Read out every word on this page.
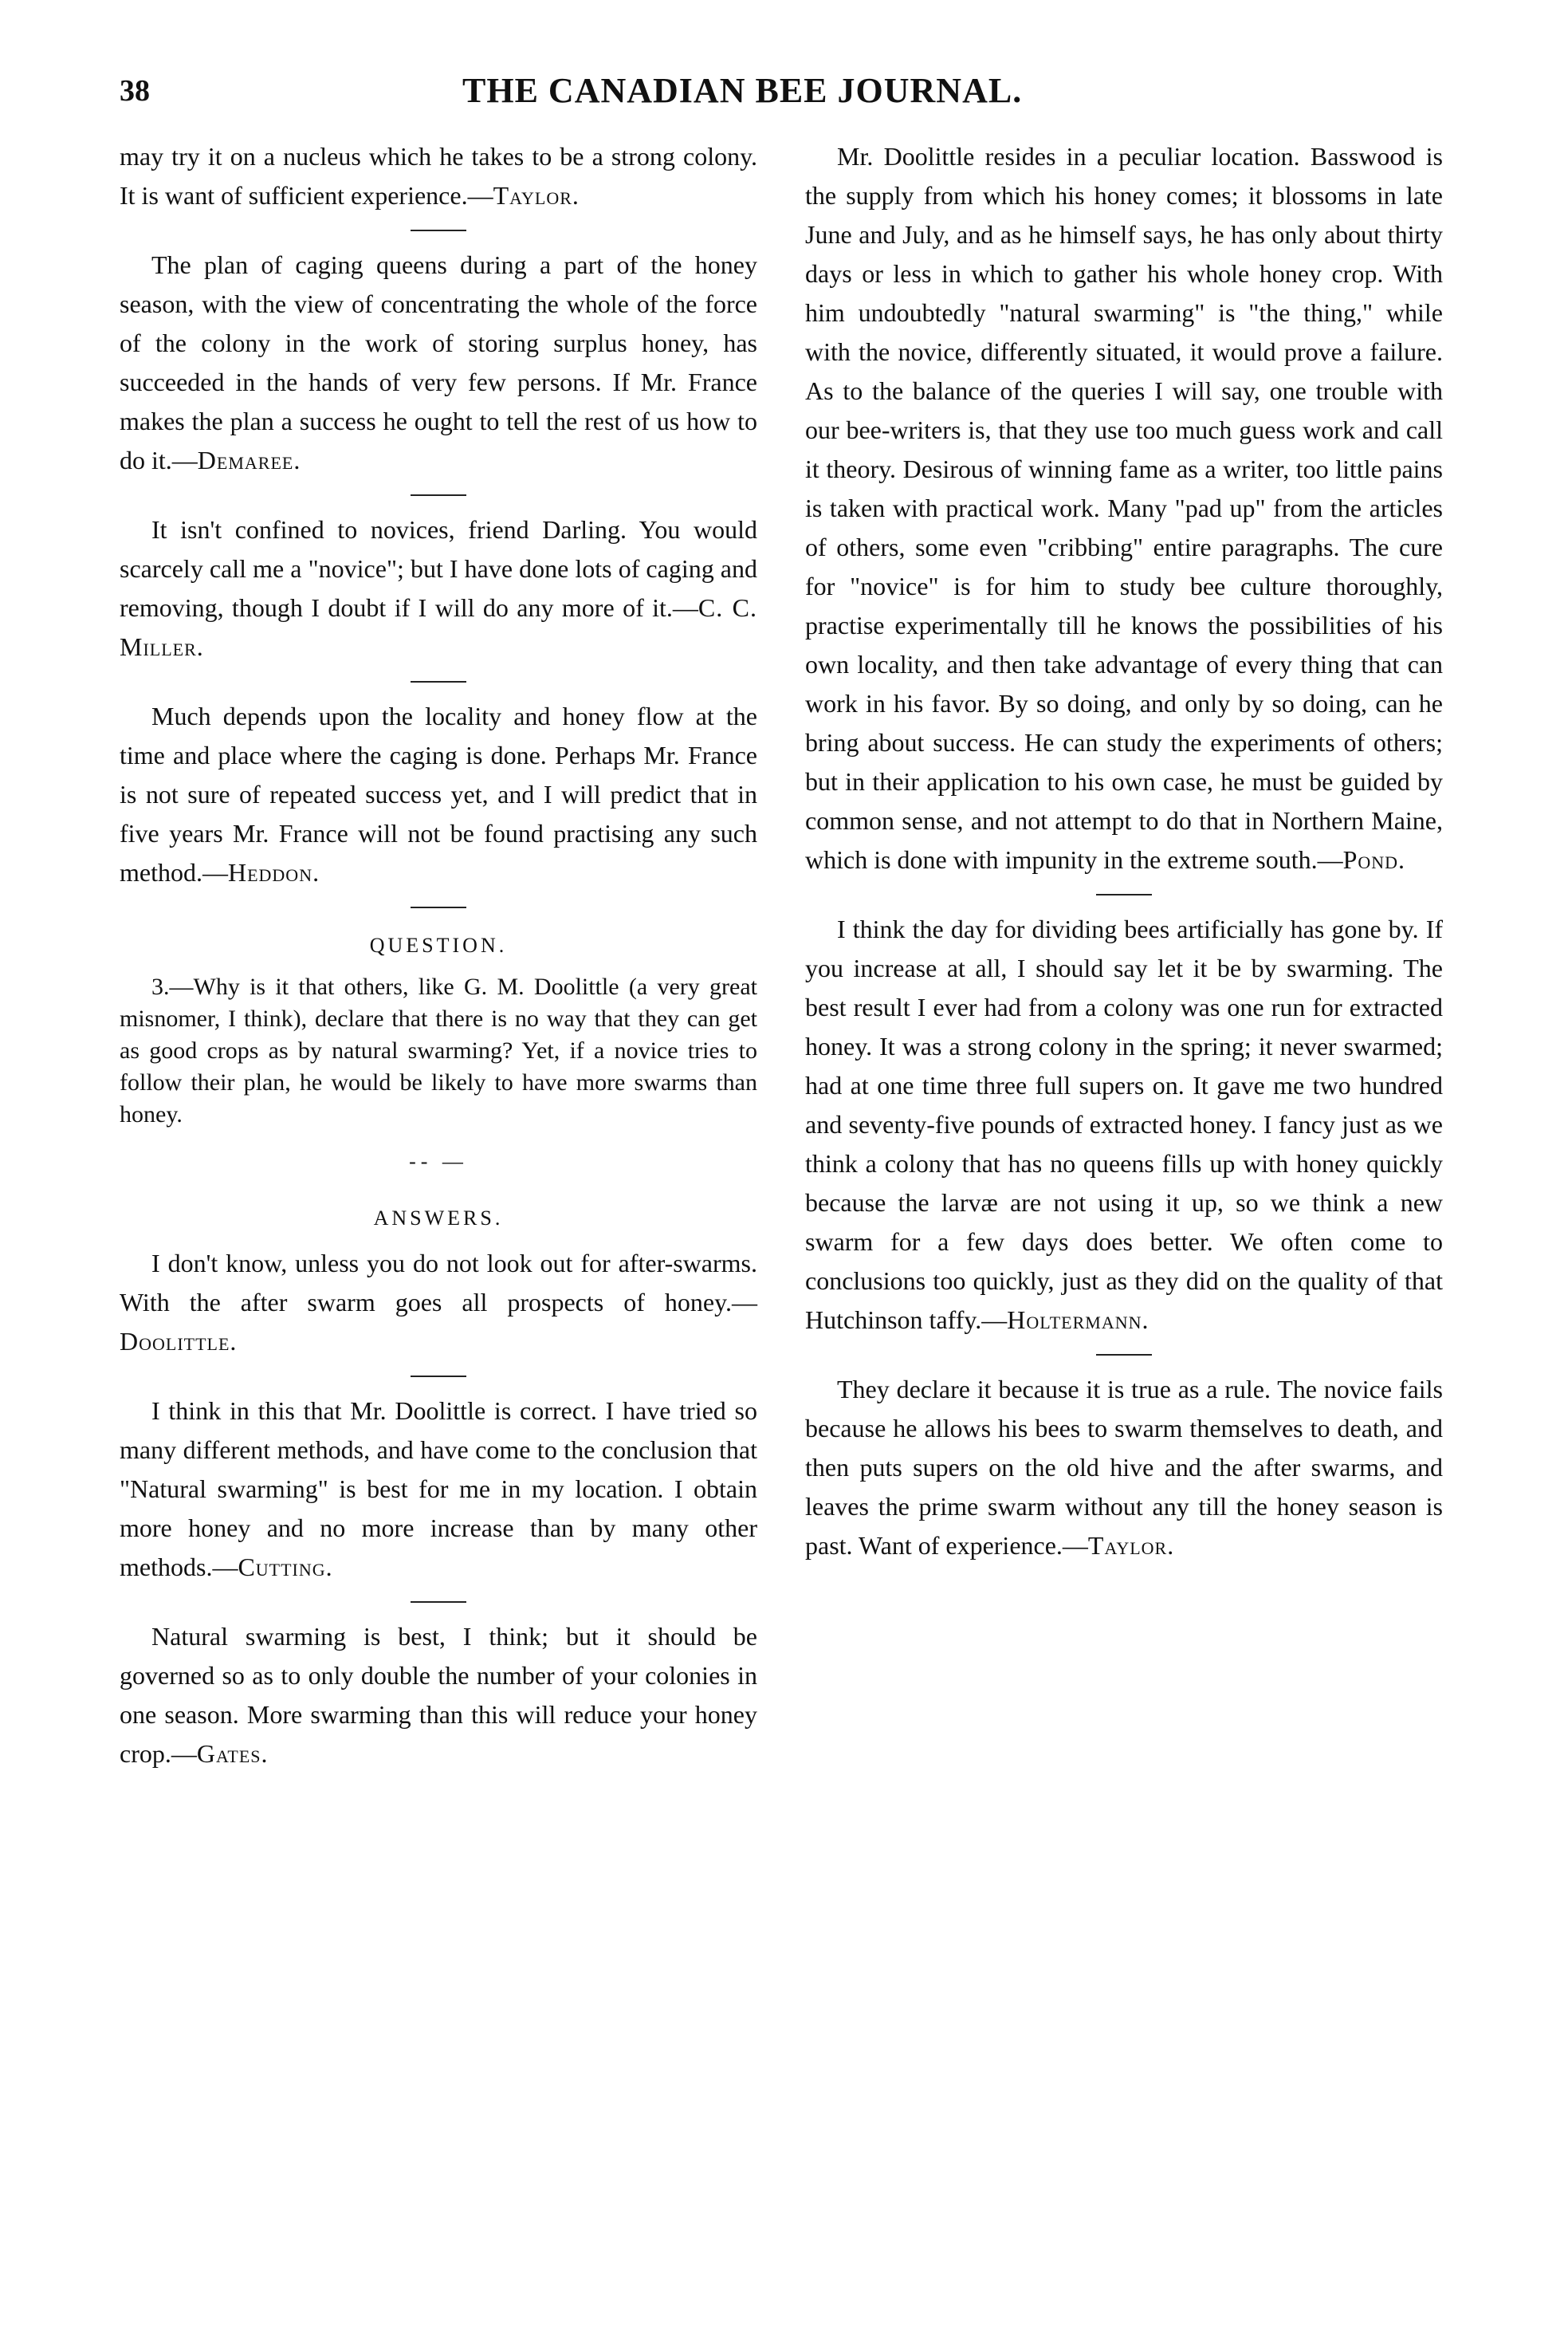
38	THE CANADIAN BEE JOURNAL.

may try it on a nucleus which he takes to be a strong colony. It is want of sufficient experience.—Taylor.

The plan of caging queens during a part of the honey season, with the view of concentrating the whole of the force of the colony in the work of storing surplus honey, has succeeded in the hands of very few persons. If Mr. France makes the plan a success he ought to tell the rest of us how to do it.—Demaree.

It isn't confined to novices, friend Darling. You would scarcely call me a "novice"; but I have done lots of caging and removing, though I doubt if I will do any more of it.—C. C. Miller.

Much depends upon the locality and honey flow at the time and place where the caging is done. Perhaps Mr. France is not sure of repeated success yet, and I will predict that in five years Mr. France will not be found practising any such method.—Heddon.

QUESTION.

3.—Why is it that others, like G. M. Doolittle (a very great misnomer, I think), declare that there is no way that they can get as good crops as by natural swarming? Yet, if a novice tries to follow their plan, he would be likely to have more swarms than honey.

-- —
ANSWERS.

I don't know, unless you do not look out for after-swarms. With the after swarm goes all prospects of honey.—Doolittle.

I think in this that Mr. Doolittle is correct. I have tried so many different methods, and have come to the conclusion that "Natural swarming" is best for me in my location. I obtain more honey and no more increase than by many other methods.—Cutting.

Natural swarming is best, I think; but it should be governed so as to only double the number of your colonies in one season. More swarming than this will reduce your honey crop.—Gates.

Mr. Doolittle resides in a peculiar location. Basswood is the supply from which his honey comes; it blossoms in late June and July, and as he himself says, he has only about thirty days or less in which to gather his whole honey crop. With him undoubtedly "natural swarming" is "the thing," while with the novice, differently situated, it would prove a failure. As to the balance of the queries I will say, one trouble with our bee-writers is, that they use too much guess work and call it theory. Desirous of winning fame as a writer, too little pains is taken with practical work. Many "pad up" from the articles of others, some even "cribbing" entire paragraphs. The cure for "novice" is for him to study bee culture thoroughly, practise experimentally till he knows the possibilities of his own locality, and then take advantage of every thing that can work in his favor. By so doing, and only by so doing, can he bring about success. He can study the experiments of others; but in their application to his own case, he must be guided by common sense, and not attempt to do that in Northern Maine, which is done with impunity in the extreme south.—Pond.

I think the day for dividing bees artificially has gone by. If you increase at all, I should say let it be by swarming. The best result I ever had from a colony was one run for extracted honey. It was a strong colony in the spring; it never swarmed; had at one time three full supers on. It gave me two hundred and seventy-five pounds of extracted honey. I fancy just as we think a colony that has no queens fills up with honey quickly because the larvæ are not using it up, so we think a new swarm for a few days does better. We often come to conclusions too quickly, just as they did on the quality of that Hutchinson taffy.—Holtermann.

They declare it because it is true as a rule. The novice fails because he allows his bees to swarm themselves to death, and then puts supers on the old hive and the after swarms, and leaves the prime swarm without any till the honey season is past. Want of experience.—Taylor.
